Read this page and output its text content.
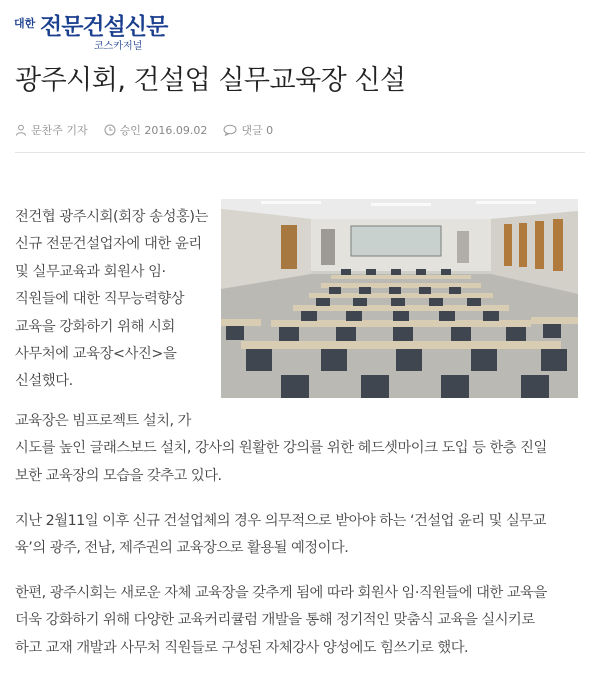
대한 전문건설신문
코스카저널
광주시회, 건설업 실무교육장 신설
문찬주 기자	승인 2016.09.02	댓글 0

전건협 광주시회(회장 송성홍)는 신규 전문건설업자에 대한 윤리 및 실무교육과 회원사 임·직원들에 대한 직무능력향상 교육을 강화하기 위해 시회 사무처에 교육장<사진>을 신설했다.

교육장은 빔프로젝트 설치, 가
시도를 높인 글래스보드 설치, 강사의 원활한 강의를 위한 헤드셋마이크 도입 등 한층 진일
보한 교육장의 모습을 갖추고 있다.
지난 2월11일 이후 신규 건설업체의 경우 의무적으로 받아야 하는 ‘건설업 윤리 및 실무교
육’의 광주, 전남, 제주권의 교육장으로 활용될 예정이다.
한편, 광주시회는 새로운 자체 교육장을 갖추게 됨에 따라 회원사 임·직원들에 대한 교육을
더욱 강화하기 위해 다양한 교육커리큘럼 개발을 통해 정기적인 맞춤식 교육을 실시키로
하고 교재 개발과 사무처 직원들로 구성된 자체강사 양성에도 힘쓰기로 했다.
